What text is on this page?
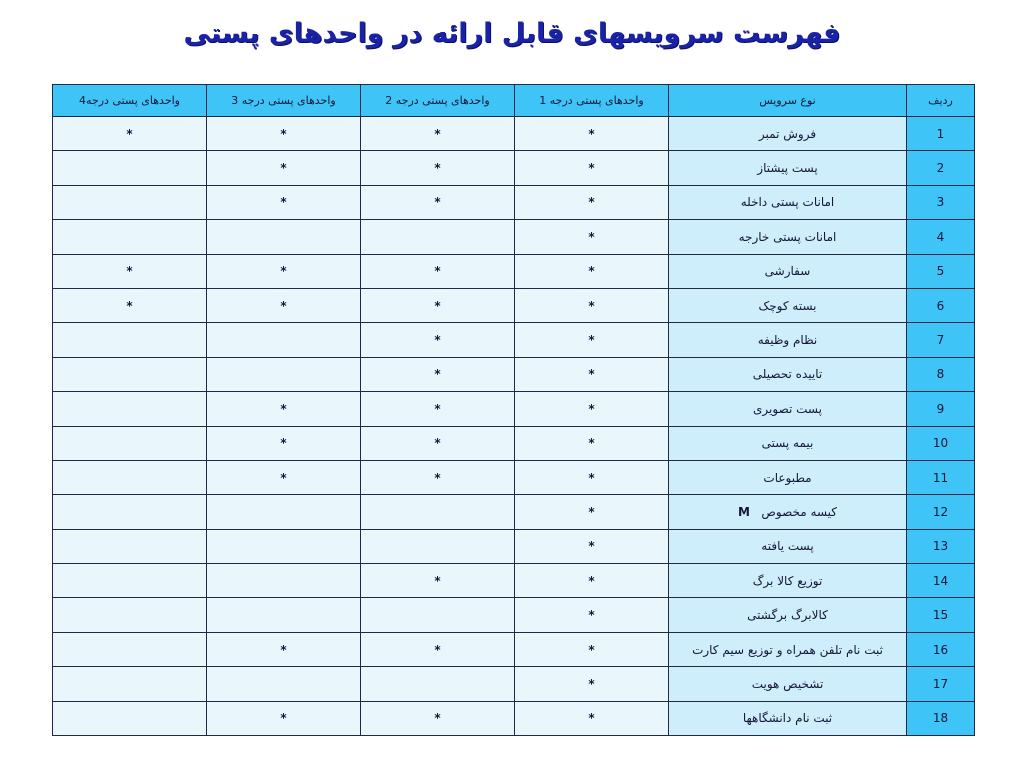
فهرست سرویسهای قابل ارائه در واحدهای پستی
ردیف	نوع سرویس	واحدهای پستی درجه 1	واحدهای پستی درجه 2	واحدهای پستی درجه 3	واحدهای پستی درجه4
1	فروش تمبر	*	*	*	*
2	پست پیشتاز	*	*	*	
3	امانات پستی داخله	*	*	*	
4	امانات پستی خارجه	*			
5	سفارشی	*	*	*	*
6	بسته کوچک	*	*	*	*
7	نظام وظیفه	*	*		
8	تاییده تحصیلی	*	*		
9	پست تصویری	*	*	*	
10	بیمه پستی	*	*	*	
11	مطبوعات	*	*	*	
12	کیسه مخصوص   M	*			
13	پست یافته	*			
14	توزیع کالا برگ	*	*		
15	کالابرگ برگشتی	*			
16	ثبت نام تلفن همراه و توزیع سیم کارت	*	*	*	
17	تشخیص هویت	*			
18	ثبت نام دانشگاهها	*	*	*	
